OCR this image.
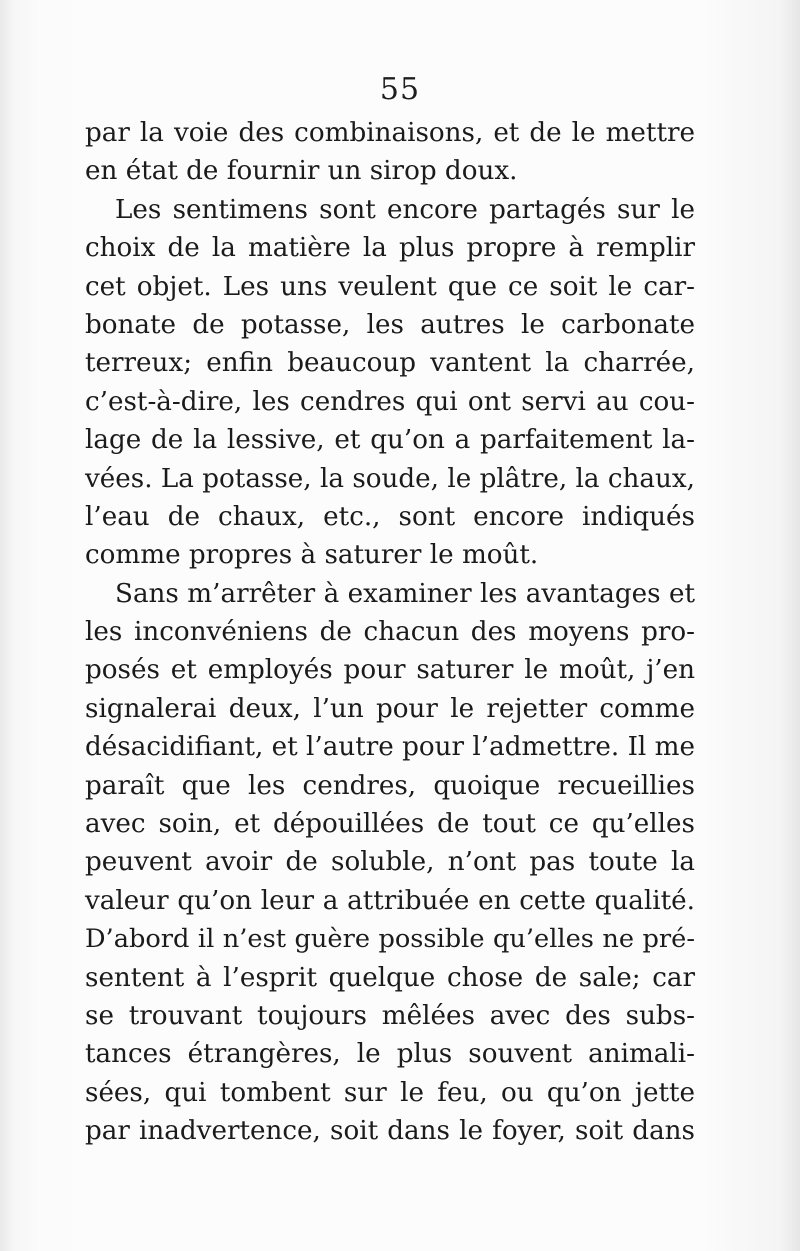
55
par la voie des combinaisons, et de le mettre
en état de fournir un sirop doux.
Les sentimens sont encore partagés sur le
choix de la matière la plus propre à remplir
cet objet. Les uns veulent que ce soit le car-
bonate de potasse, les autres le carbonate
terreux; enfin beaucoup vantent la charrée,
c’est-à-dire, les cendres qui ont servi au cou-
lage de la lessive, et qu’on a parfaitement la-
vées. La potasse, la soude, le plâtre, la chaux,
l’eau de chaux, etc., sont encore indiqués
comme propres à saturer le moût.
Sans m’arrêter à examiner les avantages et
les inconvéniens de chacun des moyens pro-
posés et employés pour saturer le moût, j’en
signalerai deux, l’un pour le rejetter comme
désacidifiant, et l’autre pour l’admettre. Il me
paraît que les cendres, quoique recueillies
avec soin, et dépouillées de tout ce qu’elles
peuvent avoir de soluble, n’ont pas toute la
valeur qu’on leur a attribuée en cette qualité.
D’abord il n’est guère possible qu’elles ne pré-
sentent à l’esprit quelque chose de sale; car
se trouvant toujours mêlées avec des subs-
tances étrangères, le plus souvent animali-
sées, qui tombent sur le feu, ou qu’on jette
par inadvertence, soit dans le foyer, soit dans
